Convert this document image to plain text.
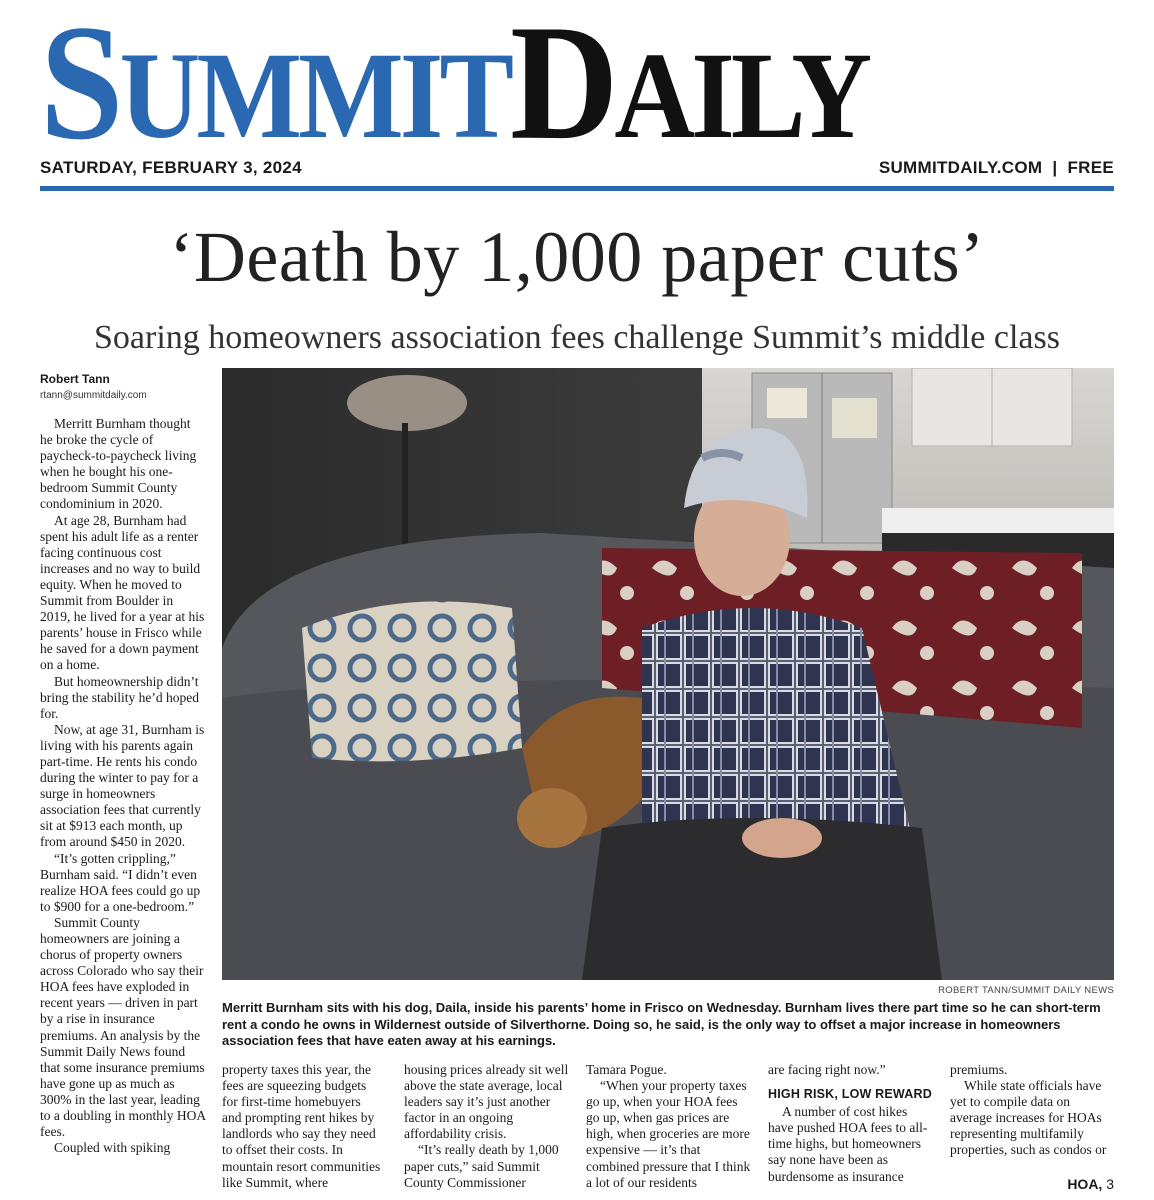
SUMMITDAILY
SATURDAY, FEBRUARY 3, 2024	SUMMITDAILY.COM  |  FREE
‘Death by 1,000 paper cuts’
Soaring homeowners association fees challenge Summit’s middle class
Robert Tann
rtann@summitdaily.com

Merritt Burnham thought he broke the cycle of paycheck-to-paycheck living when he bought his one-bedroom Summit County condominium in 2020.

At age 28, Burnham had spent his adult life as a renter facing continuous cost increases and no way to build equity. When he moved to Summit from Boulder in 2019, he lived for a year at his parents’ house in Frisco while he saved for a down payment on a home.

But homeownership didn’t bring the stability he’d hoped for.

Now, at age 31, Burnham is living with his parents again part-time. He rents his condo during the winter to pay for a surge in homeowners association fees that currently sit at $913 each month, up from around $450 in 2020.

“It’s gotten crippling,” Burnham said. “I didn’t even realize HOA fees could go up to $900 for a one-bedroom.”

Summit County homeowners are joining a chorus of property owners across Colorado who say their HOA fees have exploded in recent years — driven in part by a rise in insurance premiums. An analysis by the Summit Daily News found that some insurance premiums have gone up as much as 300% in the last year, leading to a doubling in monthly HOA fees.

Coupled with spiking

ROBERT TANN/SUMMIT DAILY NEWS
Merritt Burnham sits with his dog, Daila, inside his parents’ home in Frisco on Wednesday. Burnham lives there part time so he can short-term rent a condo he owns in Wildernest outside of Silverthorne. Doing so, he said, is the only way to offset a major increase in homeowners association fees that have eaten away at his earnings.

property taxes this year, the fees are squeezing budgets for first-time homebuyers and prompting rent hikes by landlords who say they need to offset their costs. In mountain resort communities like Summit, where

housing prices already sit well above the state average, local leaders say it’s just another factor in an ongoing affordability crisis.

“It’s really death by 1,000 paper cuts,” said Summit County Commissioner

Tamara Pogue.

“When your property taxes go up, when your HOA fees go up, when gas prices are high, when groceries are more expensive — it’s that combined pressure that I think a lot of our residents

are facing right now.”

HIGH RISK, LOW REWARD

A number of cost hikes have pushed HOA fees to all-time highs, but homeowners say none have been as burdensome as insurance

premiums.

While state officials have yet to compile data on average increases for HOAs representing multifamily properties, such as condos or

HOA, 3
